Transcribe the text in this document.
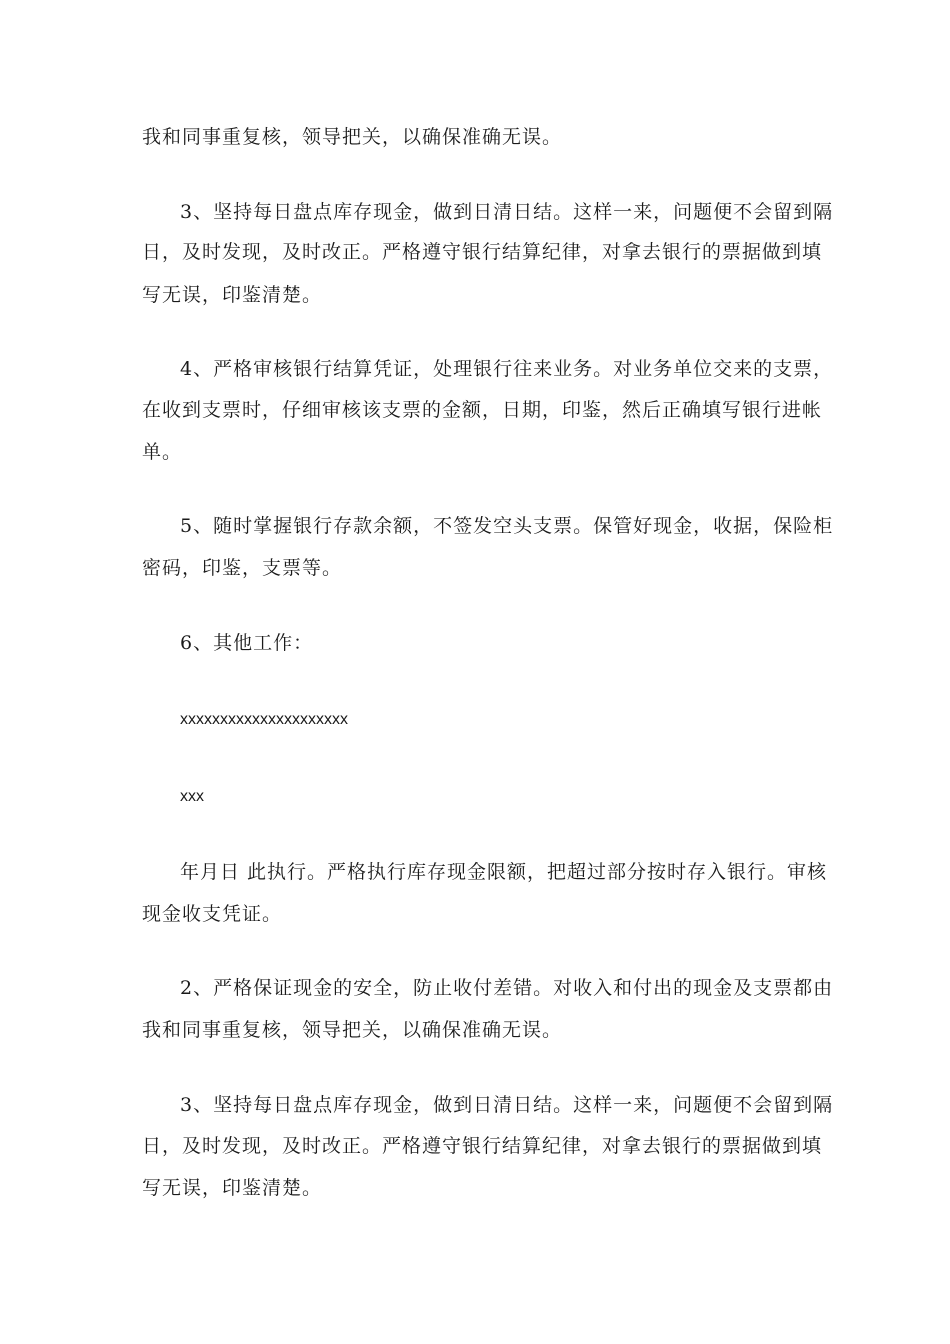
我和同事重复核，领导把关，以确保准确无误。
3、坚持每日盘点库存现金，做到日清日结。这样一来，问题便不会留到隔
日，及时发现，及时改正。严格遵守银行结算纪律，对拿去银行的票据做到填
写无误，印鉴清楚。
4、严格审核银行结算凭证，处理银行往来业务。对业务单位交来的支票，
在收到支票时，仔细审核该支票的金额，日期，印鉴，然后正确填写银行进帐
单。
5、随时掌握银行存款余额，不签发空头支票。保管好现金，收据，保险柜
密码，印鉴，支票等。
6、其他工作：
xxxxxxxxxxxxxxxxxxxxx
xxx
年月日 此执行。严格执行库存现金限额，把超过部分按时存入银行。审核
现金收支凭证。
2、严格保证现金的安全，防止收付差错。对收入和付出的现金及支票都由
我和同事重复核，领导把关，以确保准确无误。
3、坚持每日盘点库存现金，做到日清日结。这样一来，问题便不会留到隔
日，及时发现，及时改正。严格遵守银行结算纪律，对拿去银行的票据做到填
写无误，印鉴清楚。
